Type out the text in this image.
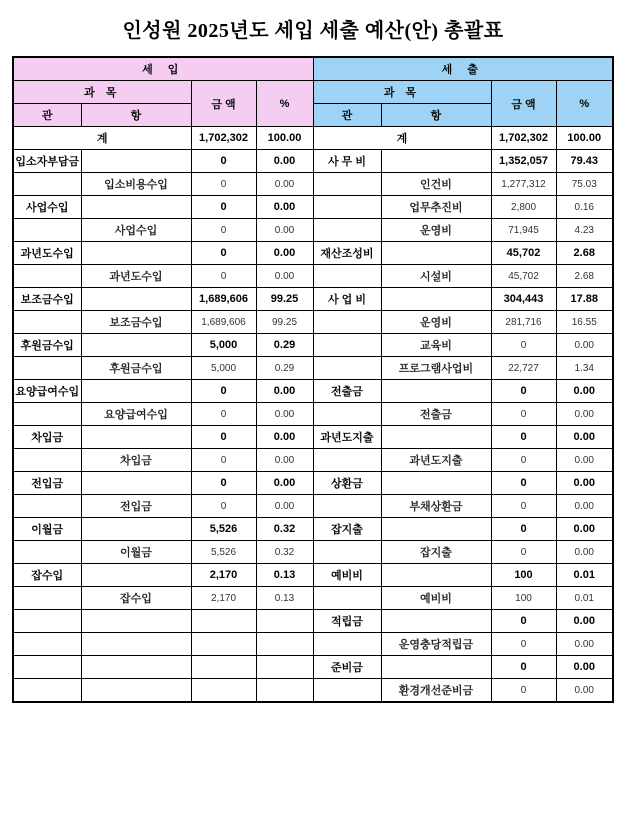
인성원 2025년도 세입 세출 예산(안) 총괄표
세 입				세 출			
과 목		금 액	%	과 목		금 액	%
관	항			관	항		
계		1,702,302	100.00	계		1,702,302	100.00
입소자부담금		0	0.00	사 무 비		1,352,057	79.43
	입소비용수입	0	0.00		인건비	1,277,312	75.03
사업수입		0	0.00		업무추진비	2,800	0.16
	사업수입	0	0.00		운영비	71,945	4.23
과년도수입		0	0.00	재산조성비		45,702	2.68
	과년도수입	0	0.00		시설비	45,702	2.68
보조금수입		1,689,606	99.25	사 업 비		304,443	17.88
	보조금수입	1,689,606	99.25		운영비	281,716	16.55
후원금수입		5,000	0.29		교육비	0	0.00
	후원금수입	5,000	0.29		프로그램사업비	22,727	1.34
요양급여수입		0	0.00	전출금		0	0.00
	요양급여수입	0	0.00		전출금	0	0.00
차입금		0	0.00	과년도지출		0	0.00
	차입금	0	0.00		과년도지출	0	0.00
전입금		0	0.00	상환금		0	0.00
	전입금	0	0.00		부채상환금	0	0.00
이월금		5,526	0.32	잡지출		0	0.00
	이월금	5,526	0.32		잡지출	0	0.00
잡수입		2,170	0.13	예비비		100	0.01
	잡수입	2,170	0.13		예비비	100	0.01
				적립금		0	0.00
					운영충당적립금	0	0.00
				준비금		0	0.00
					환경개선준비금	0	0.00
